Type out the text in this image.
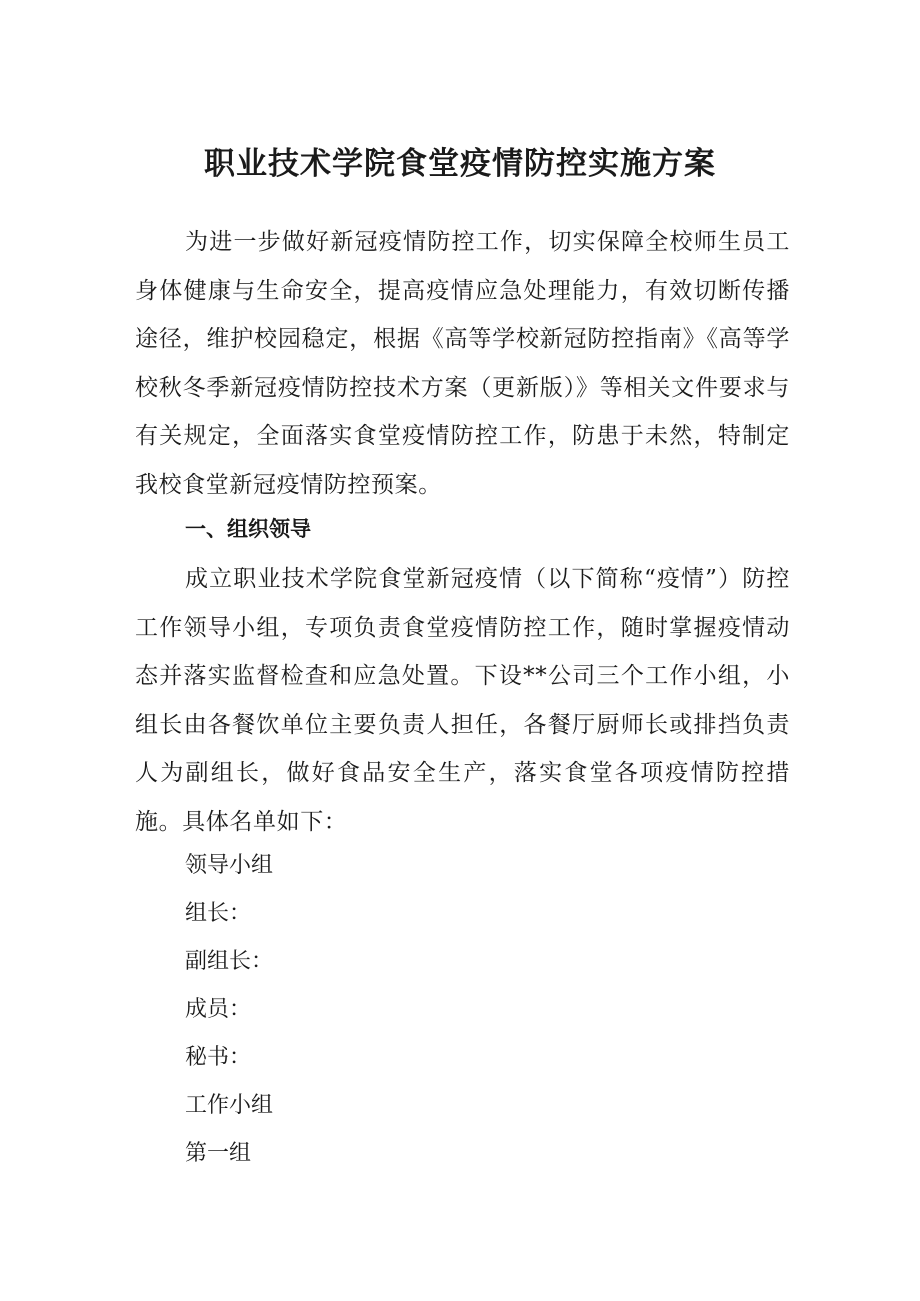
职业技术学院食堂疫情防控实施方案

为进一步做好新冠疫情防控工作，切实保障全校师生员工身体健康与生命安全，提高疫情应急处理能力，有效切断传播途径，维护校园稳定，根据《高等学校新冠防控指南》《高等学校秋冬季新冠疫情防控技术方案（更新版）》等相关文件要求与有关规定，全面落实食堂疫情防控工作，防患于未然，特制定我校食堂新冠疫情防控预案。

一、组织领导

成立职业技术学院食堂新冠疫情（以下简称“疫情”）防控工作领导小组，专项负责食堂疫情防控工作，随时掌握疫情动态并落实监督检查和应急处置。下设**公司三个工作小组，小组长由各餐饮单位主要负责人担任，各餐厅厨师长或排挡负责人为副组长，做好食品安全生产，落实食堂各项疫情防控措施。具体名单如下：

领导小组

组长：

副组长：

成员：

秘书：

工作小组

第一组
